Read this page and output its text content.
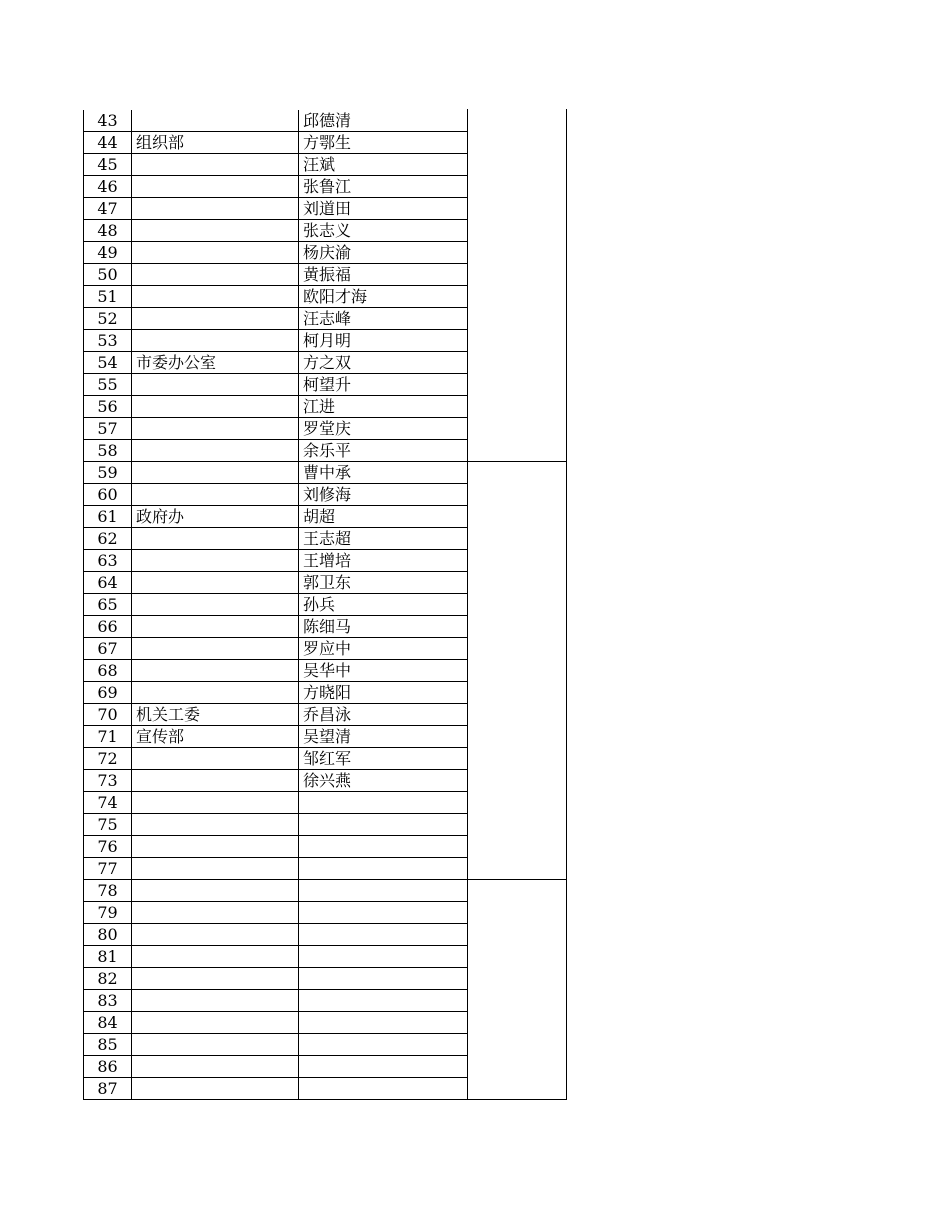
43		邱德清	
44	组织部	方鄂生	
45		汪斌	
46		张鲁江	
47		刘道田	
48		张志义	
49		杨庆渝	
50		黄振福	
51		欧阳才海	
52		汪志峰	
53		柯月明	
54	市委办公室	方之双	
55		柯望升	
56		江进	
57		罗堂庆	
58		余乐平	
59		曹中承	
60		刘修海	
61	政府办	胡超	
62		王志超	
63		王增培	
64		郭卫东	
65		孙兵	
66		陈细马	
67		罗应中	
68		吴华中	
69		方晓阳	
70	机关工委	乔昌泳	
71	宣传部	吴望清	
72		邹红军	
73		徐兴燕	
74			
75			
76			
77			
78			
79			
80			
81			
82			
83			
84			
85			
86			
87			
